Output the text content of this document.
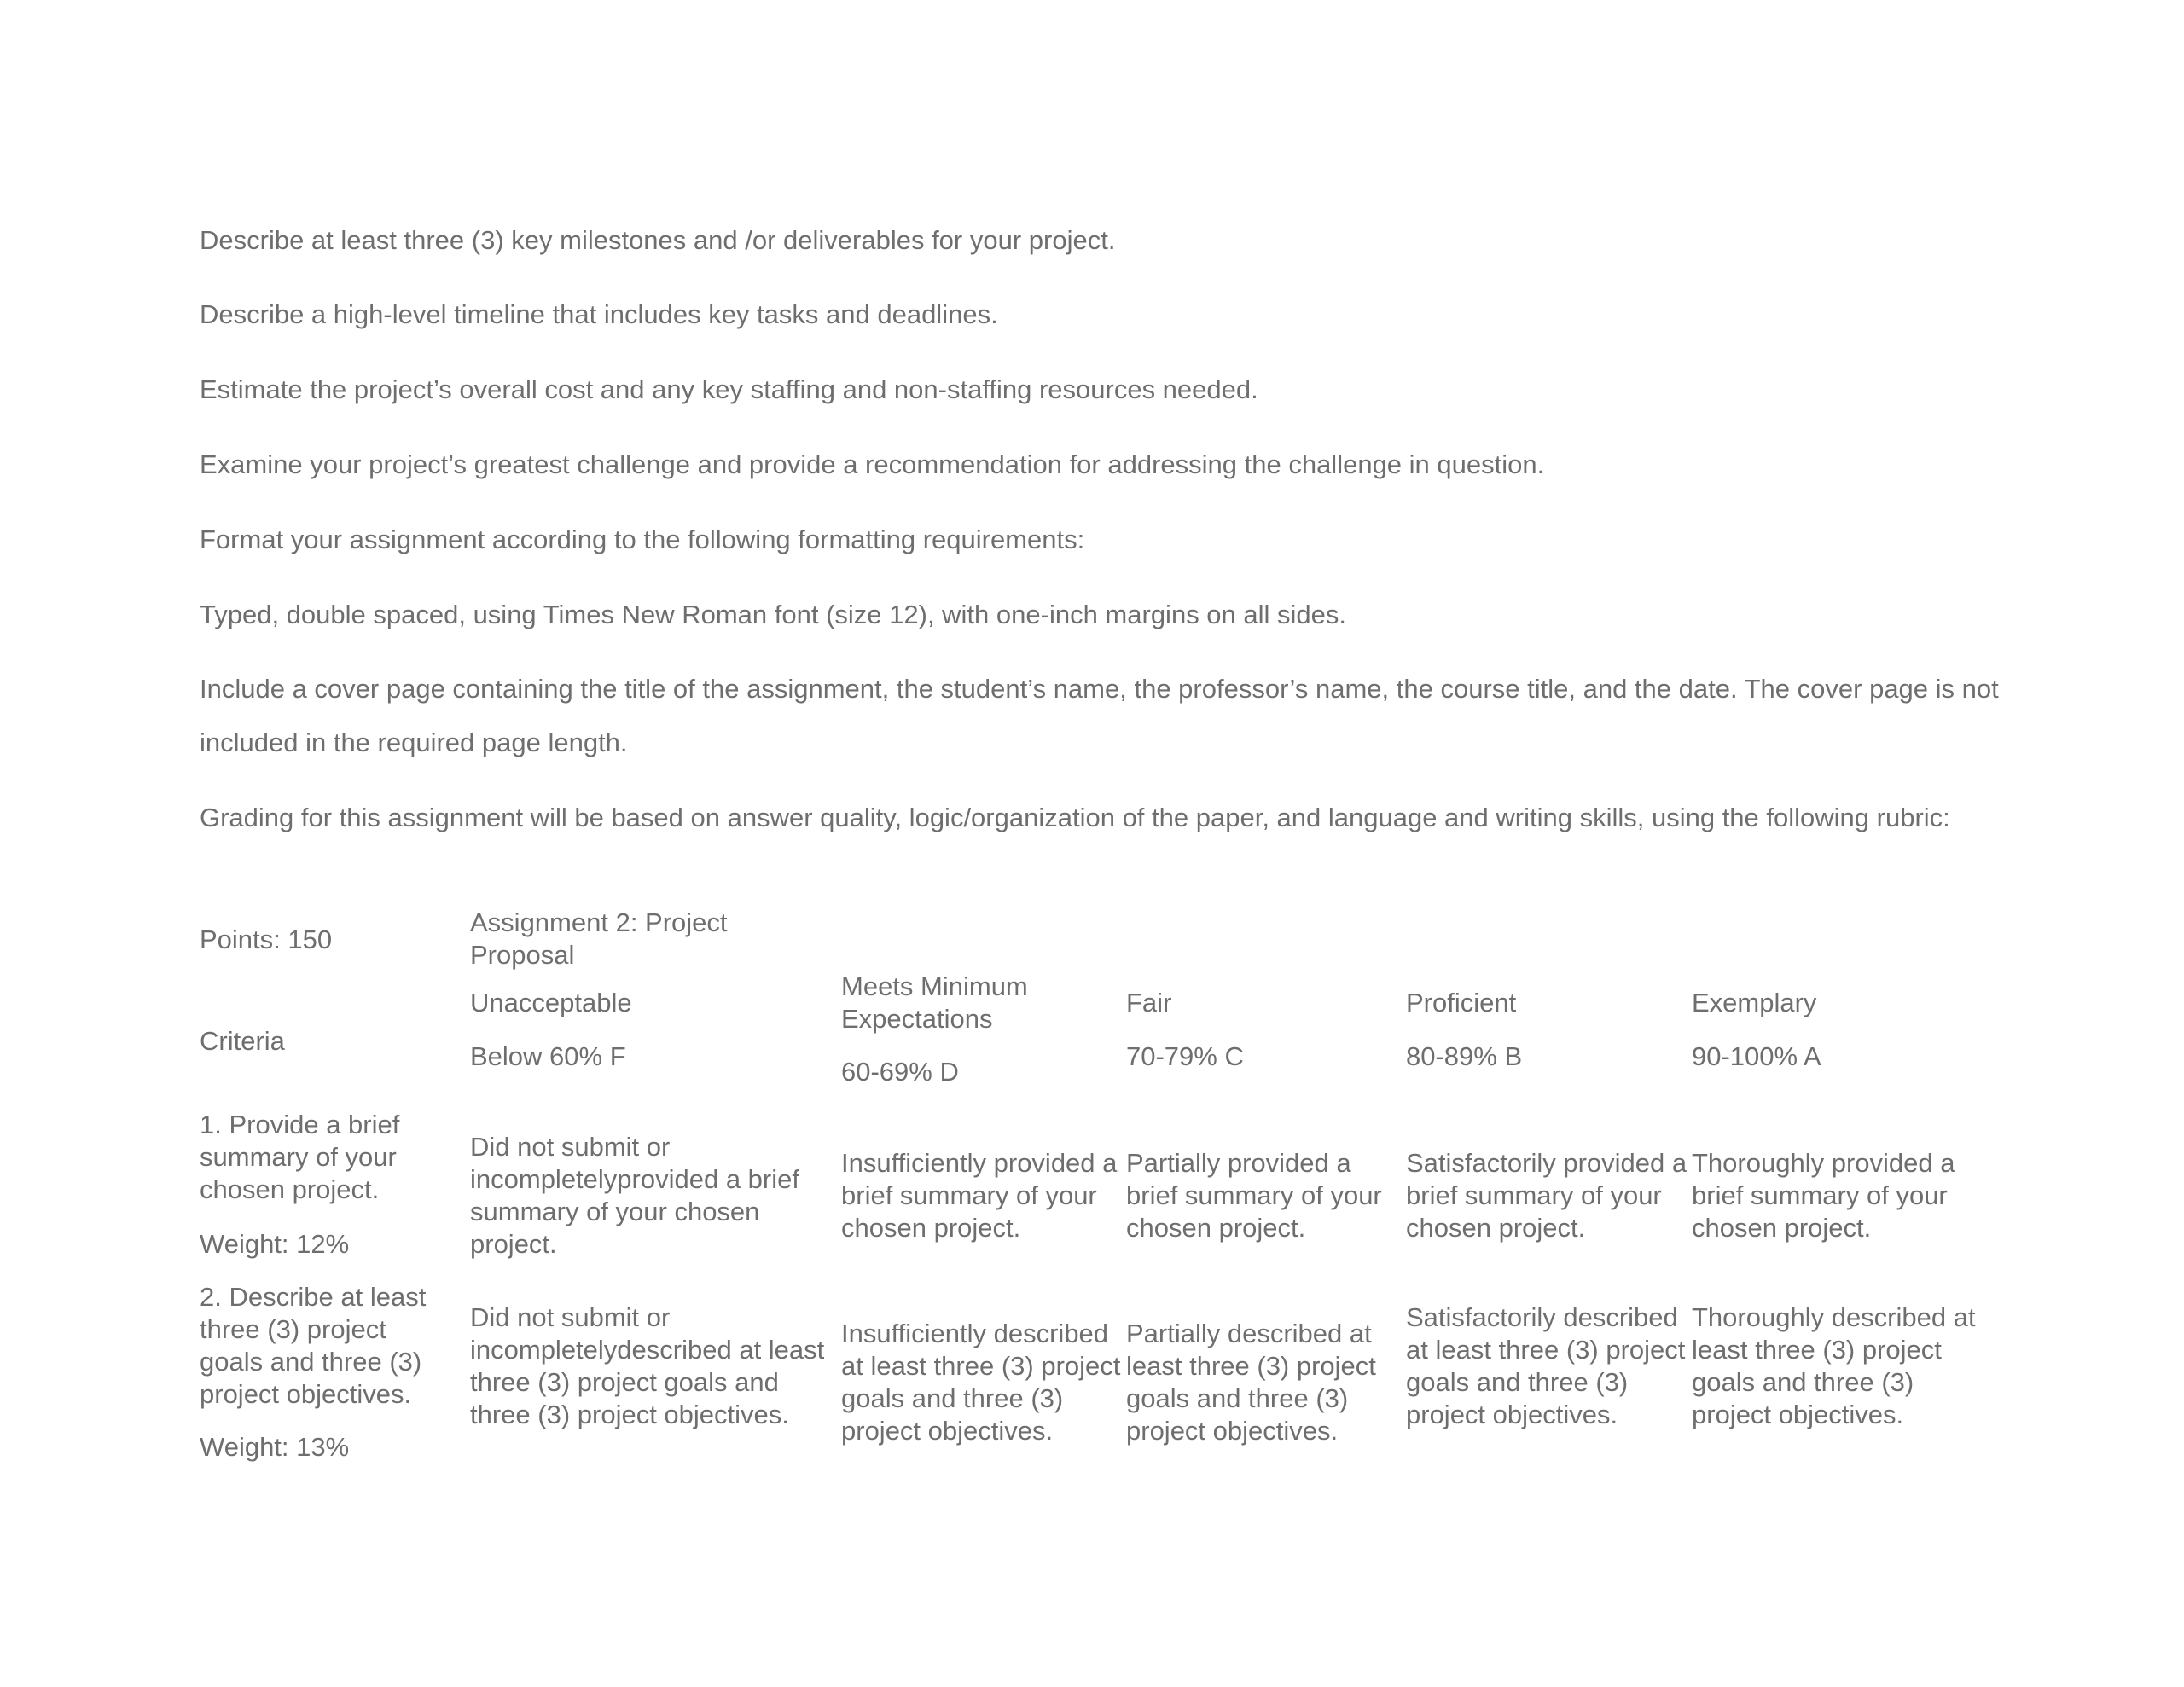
Describe at least three (3) key milestones and /or deliverables for your project.

Describe a high-level timeline that includes key tasks and deadlines.

Estimate the project’s overall cost and any key staffing and non-staffing resources needed.

Examine your project’s greatest challenge and provide a recommendation for addressing the challenge in question.

Format your assignment according to the following formatting requirements:

Typed, double spaced, using Times New Roman font (size 12), with one-inch margins on all sides.

Include a cover page containing the title of the assignment, the student’s name, the professor’s name, the course title, and the date. The cover page is not included in the required page length.

Grading for this assignment will be based on answer quality, logic/organization of the paper, and language and writing skills, using the following rubric:

Points: 150

Assignment 2: Project Proposal

Criteria

Unacceptable

Below 60% F

Meets Minimum Expectations

60-69% D

Fair

70-79% C

Proficient

80-89% B

Exemplary

90-100% A

1. Provide a brief summary of your chosen project.

Weight: 12%

Did not submit or incompletelyprovided a brief summary of your chosen project.

Insufficiently provided a brief summary of your chosen project.

Partially provided a brief summary of your chosen project.

Satisfactorily provided a brief summary of your chosen project.

Thoroughly provided a brief summary of your chosen project.

2. Describe at least three (3) project goals and three (3) project objectives.

Weight: 13%

Did not submit or incompletelydescribed at least three (3) project goals and three (3) project objectives.

Insufficiently described at least three (3) project goals and three (3) project objectives.

Partially described at least three (3) project goals and three (3) project objectives.

Satisfactorily described at least three (3) project goals and three (3) project objectives.

Thoroughly described at least three (3) project goals and three (3) project objectives.
